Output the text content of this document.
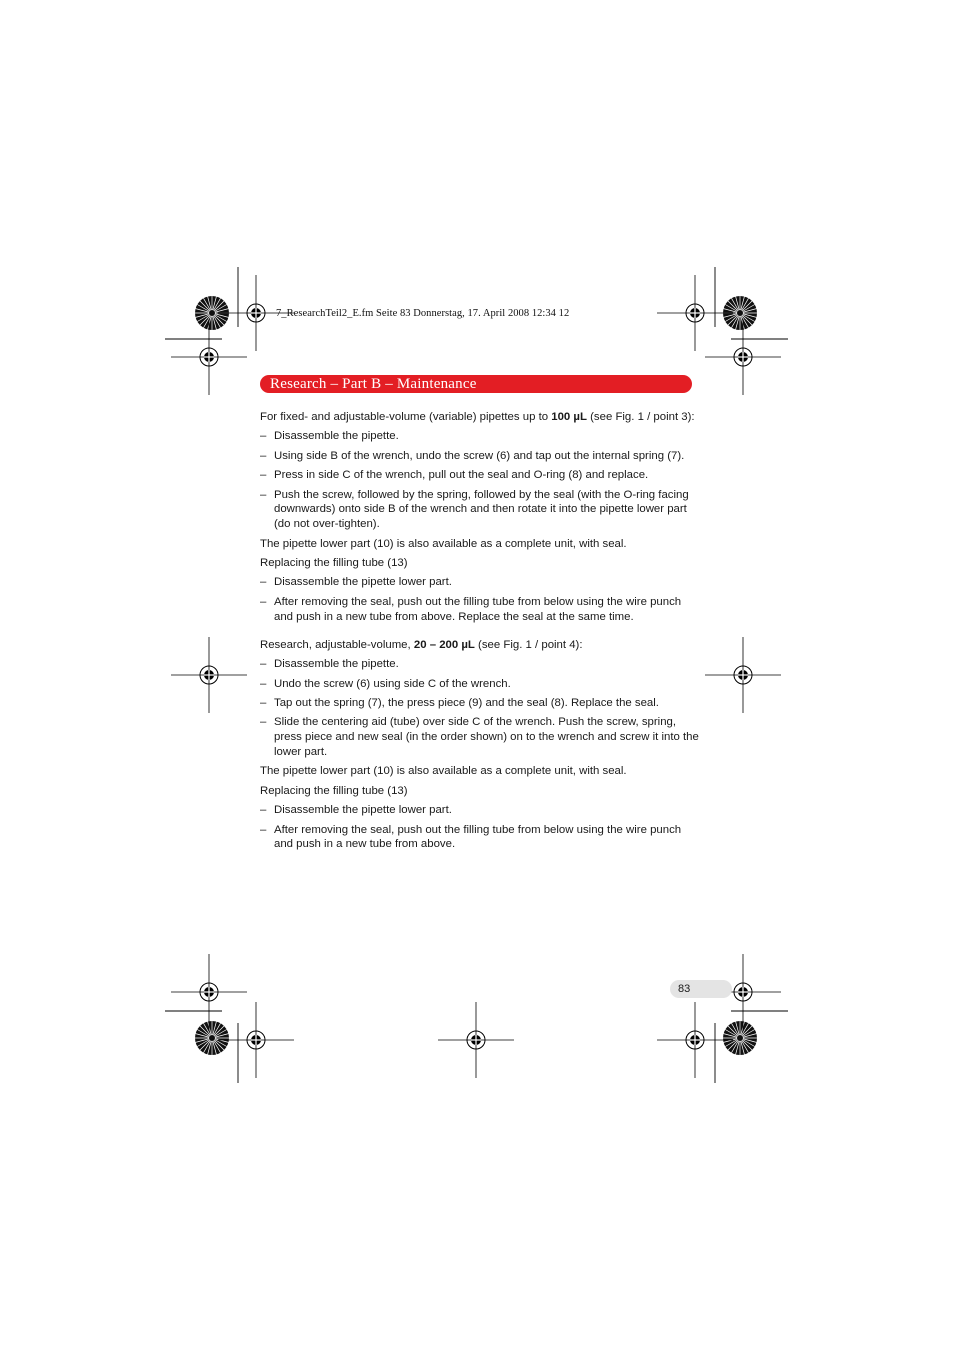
7_ResearchTeil2_E.fm Seite 83 Donnerstag, 17. April 2008 12:34 12
Research – Part B – Maintenance

For fixed- and adjustable-volume (variable) pipettes up to 100 µL (see Fig. 1 / point 3):

– Disassemble the pipette.
– Using side B of the wrench, undo the screw (6) and tap out the internal spring (7).
– Press in side C of the wrench, pull out the seal and O-ring (8) and replace.
– Push the screw, followed by the spring, followed by the seal (with the O-ring facing downwards) onto side B of the wrench and then rotate it into the pipette lower part (do not over-tighten).

The pipette lower part (10) is also available as a complete unit, with seal.

Replacing the filling tube (13)

– Disassemble the pipette lower part.
– After removing the seal, push out the filling tube from below using the wire punch and push in a new tube from above. Replace the seal at the same time.

Research, adjustable-volume, 20 – 200 µL (see Fig. 1 / point 4):

– Disassemble the pipette.
– Undo the screw (6) using side C of the wrench.
– Tap out the spring (7), the press piece (9) and the seal (8). Replace the seal.
– Slide the centering aid (tube) over side C of the wrench. Push the screw, spring, press piece and new seal (in the order shown) on to the wrench and screw it into the lower part.

The pipette lower part (10) is also available as a complete unit, with seal.

Replacing the filling tube (13)

– Disassemble the pipette lower part.
– After removing the seal, push out the filling tube from below using the wire punch and push in a new tube from above.
83
